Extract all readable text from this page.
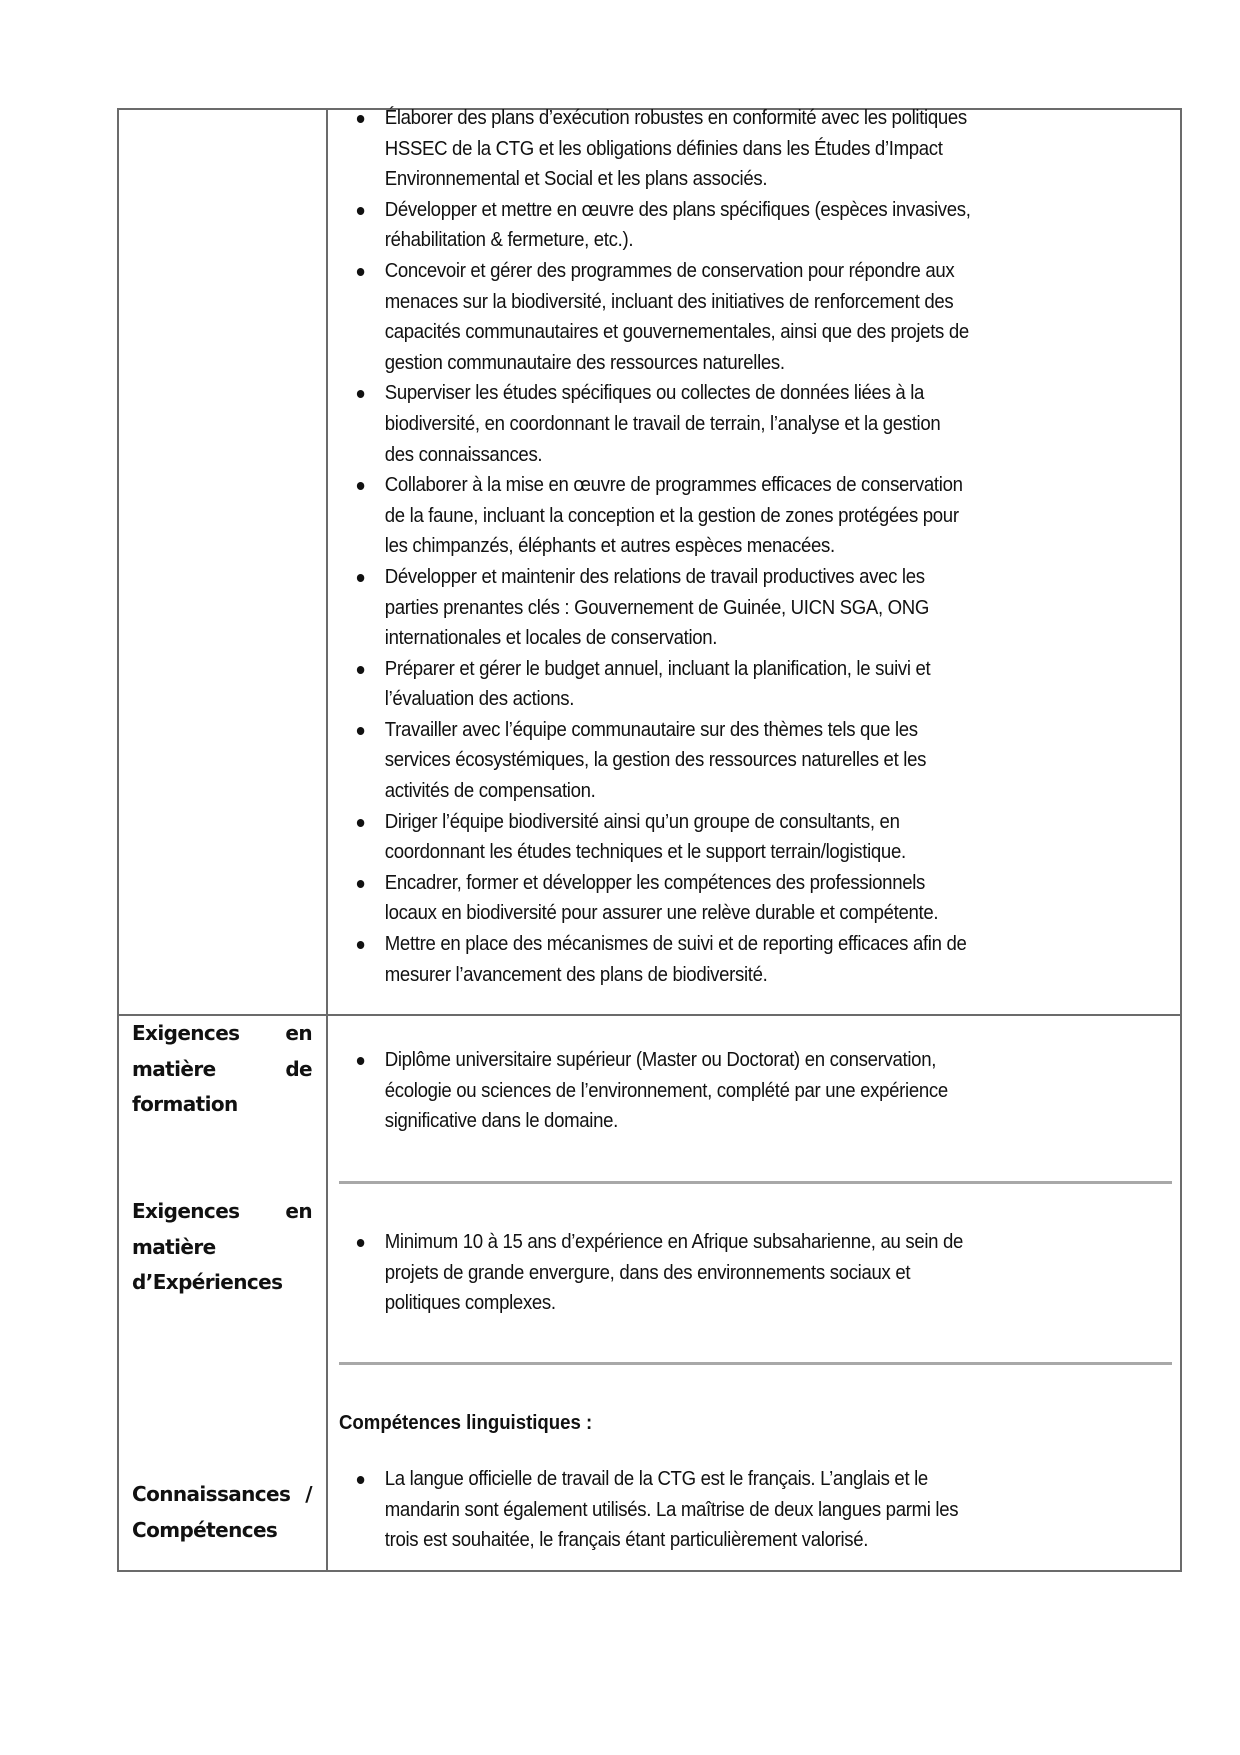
Élaborer des plans d’exécution robustes en conformité avec les politiques
HSSEC de la CTG et les obligations définies dans les Études d’Impact
Environnemental et Social et les plans associés.
Développer et mettre en œuvre des plans spécifiques (espèces invasives,
réhabilitation & fermeture, etc.).
Concevoir et gérer des programmes de conservation pour répondre aux
menaces sur la biodiversité, incluant des initiatives de renforcement des
capacités communautaires et gouvernementales, ainsi que des projets de
gestion communautaire des ressources naturelles.
Superviser les études spécifiques ou collectes de données liées à la
biodiversité, en coordonnant le travail de terrain, l’analyse et la gestion
des connaissances.
Collaborer à la mise en œuvre de programmes efficaces de conservation
de la faune, incluant la conception et la gestion de zones protégées pour
les chimpanzés, éléphants et autres espèces menacées.
Développer et maintenir des relations de travail productives avec les
parties prenantes clés : Gouvernement de Guinée, UICN SGA, ONG
internationales et locales de conservation.
Préparer et gérer le budget annuel, incluant la planification, le suivi et
l’évaluation des actions.
Travailler avec l’équipe communautaire sur des thèmes tels que les
services écosystémiques, la gestion des ressources naturelles et les
activités de compensation.
Diriger l’équipe biodiversité ainsi qu’un groupe de consultants, en
coordonnant les études techniques et le support terrain/logistique.
Encadrer, former et développer les compétences des professionnels
locaux en biodiversité pour assurer une relève durable et compétente.
Mettre en place des mécanismes de suivi et de reporting efficaces afin de
mesurer l’avancement des plans de biodiversité.
Exigences en
matière	de
formation
Exigences en
matière
d’Expériences
Connaissances /
Compétences
Diplôme universitaire supérieur (Master ou Doctorat) en conservation,
écologie ou sciences de l’environnement, complété par une expérience
significative dans le domaine.
Minimum 10 à 15 ans d’expérience en Afrique subsaharienne, au sein de
projets de grande envergure, dans des environnements sociaux et
politiques complexes.
Compétences linguistiques :
La langue officielle de travail de la CTG est le français. L’anglais et le
mandarin sont également utilisés. La maîtrise de deux langues parmi les
trois est souhaitée, le français étant particulièrement valorisé.
